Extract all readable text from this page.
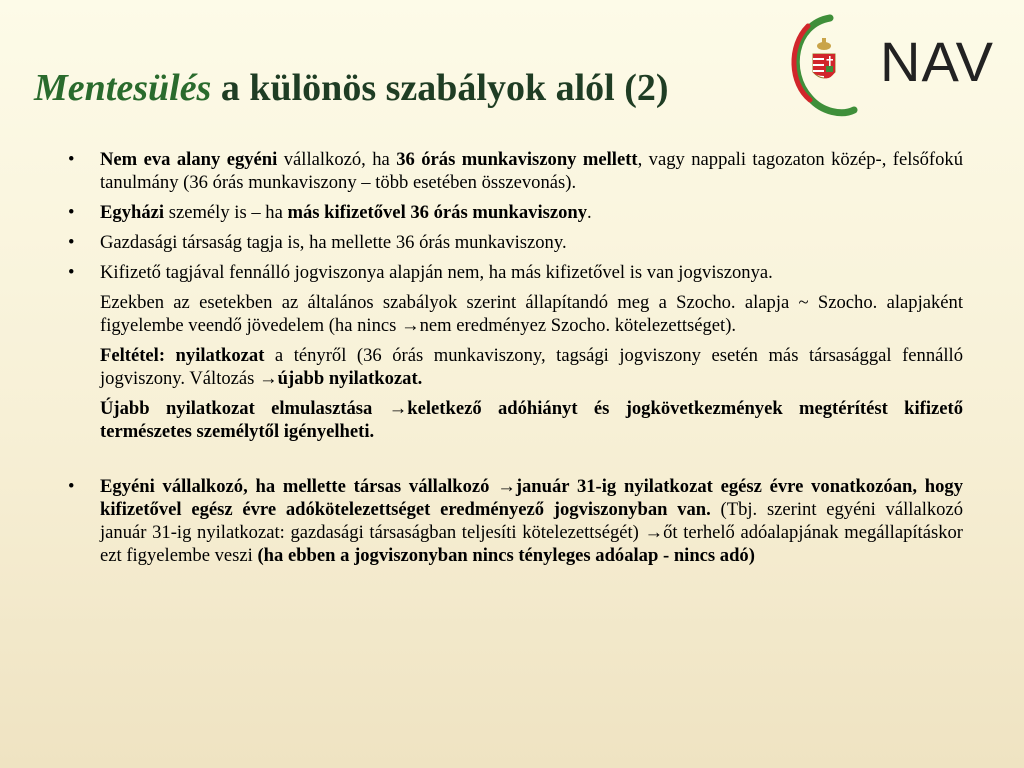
Mentesülés a különös szabályok alól (2)	NAV
•	Nem eva alany egyéni vállalkozó, ha 36 órás munkaviszony mellett, vagy nappali tagozaton közép-, felsőfokú tanulmány (36 órás munkaviszony – több esetében összevonás).
•	Egyházi személy is – ha más kifizetővel 36 órás munkaviszony.
•	Gazdasági társaság tagja is, ha mellette 36 órás munkaviszony.
•	Kifizető tagjával fennálló jogviszonya alapján nem, ha más kifizetővel is van jogviszonya.
Ezekben az esetekben az általános szabályok szerint állapítandó meg a Szocho. alapja ~ Szocho. alapjaként figyelembe veendő jövedelem (ha nincs →nem eredményez Szocho. kötelezettséget).
Feltétel: nyilatkozat a tényről (36 órás munkaviszony, tagsági jogviszony esetén más társasággal fennálló jogviszony. Változás →újabb nyilatkozat.
Újabb nyilatkozat elmulasztása →keletkező adóhiányt és jogkövetkezmények megtérítést kifizető természetes személytől igényelheti.
•	Egyéni vállalkozó, ha mellette társas vállalkozó →január 31-ig nyilatkozat egész évre vonatkozóan, hogy kifizetővel egész évre adókötelezettséget eredményező jogviszonyban van. (Tbj. szerint egyéni vállalkozó január 31-ig nyilatkozat: gazdasági társaságban teljesíti kötelezettségét) →őt terhelő adóalapjának megállapításkor ezt figyelembe veszi (ha ebben a jogviszonyban nincs tényleges adóalap - nincs adó)
